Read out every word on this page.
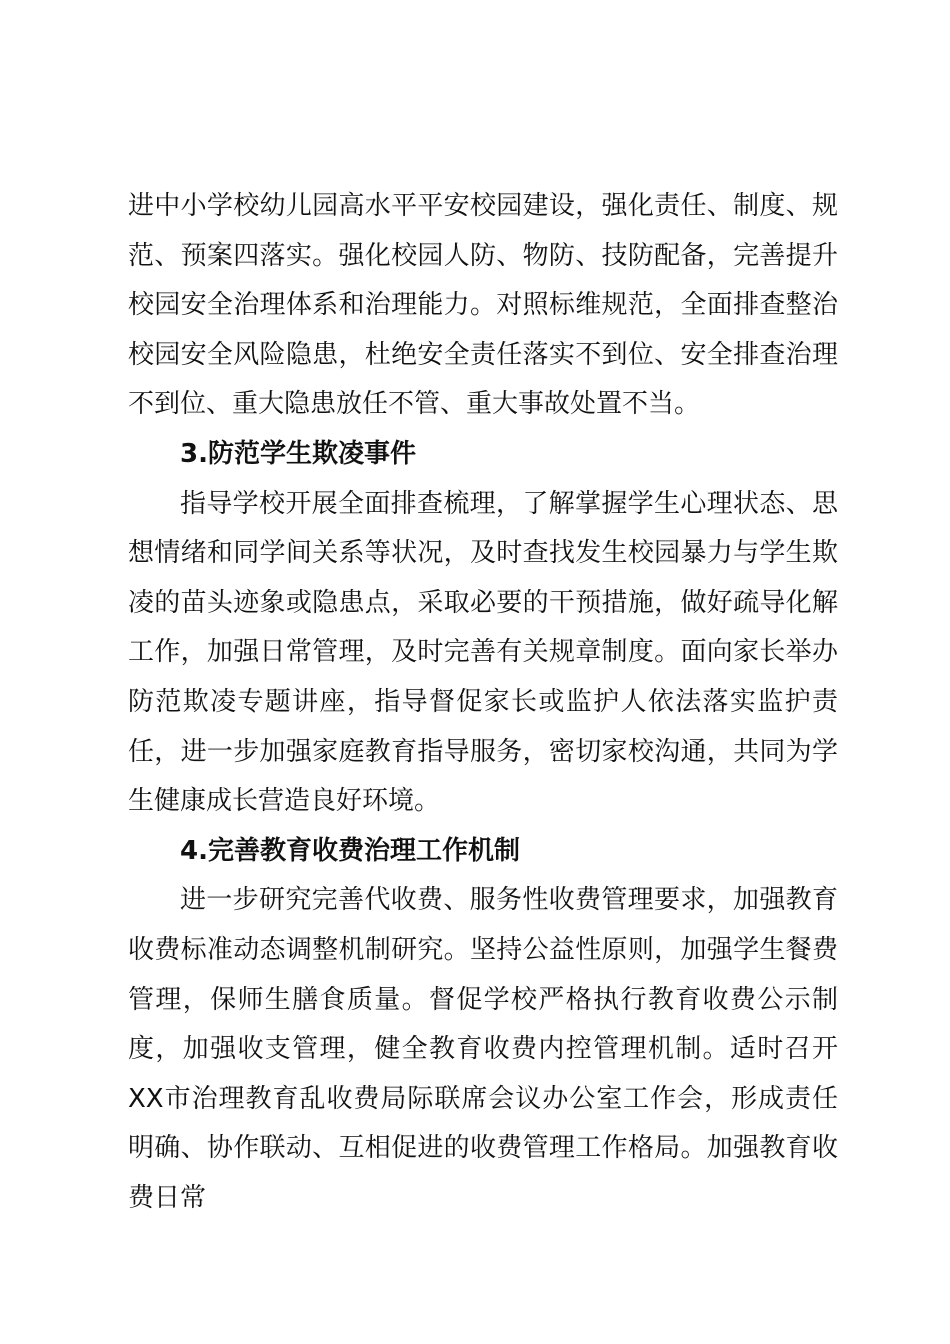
进中小学校幼儿园高水平平安校园建设，强化责任、制度、规范、预案四落实。强化校园人防、物防、技防配备，完善提升校园安全治理体系和治理能力。对照标维规范，全面排查整治校园安全风险隐患，杜绝安全责任落实不到位、安全排查治理不到位、重大隐患放任不管、重大事故处置不当。

3.防范学生欺凌事件

指导学校开展全面排查梳理，了解掌握学生心理状态、思想情绪和同学间关系等状况，及时查找发生校园暴力与学生欺凌的苗头迹象或隐患点，采取必要的干预措施，做好疏导化解工作，加强日常管理，及时完善有关规章制度。面向家长举办防范欺凌专题讲座，指导督促家长或监护人依法落实监护责任，进一步加强家庭教育指导服务，密切家校沟通，共同为学生健康成长营造良好环境。

4.完善教育收费治理工作机制

进一步研究完善代收费、服务性收费管理要求，加强教育收费标准动态调整机制研究。坚持公益性原则，加强学生餐费管理，保师生膳食质量。督促学校严格执行教育收费公示制度，加强收支管理，健全教育收费内控管理机制。适时召开XX市治理教育乱收费局际联席会议办公室工作会，形成责任明确、协作联动、互相促进的收费管理工作格局。加强教育收费日常
